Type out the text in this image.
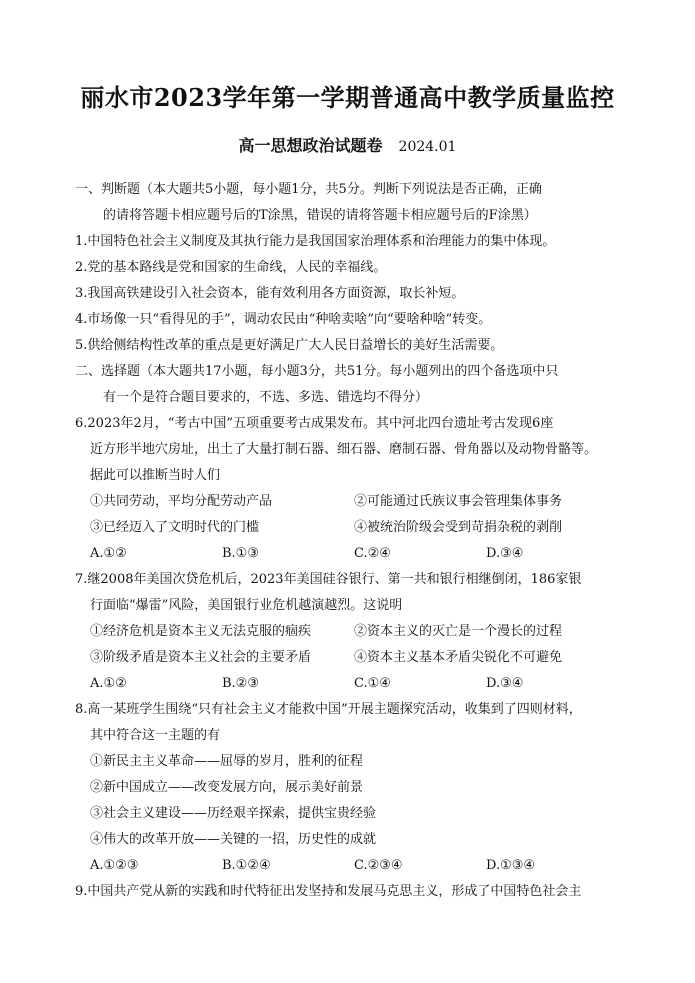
丽水市2023学年第一学期普通高中教学质量监控
高一思想政治试题卷 2024.01
一、判断题（本大题共5小题，每小题1分，共5分。判断下列说法是否正确，正确
的请将答题卡相应题号后的T涂黑，错误的请将答题卡相应题号后的F涂黑）
1.中国特色社会主义制度及其执行能力是我国国家治理体系和治理能力的集中体现。
2.党的基本路线是党和国家的生命线，人民的幸福线。
3.我国高铁建设引入社会资本，能有效利用各方面资源，取长补短。
4.市场像一只“看得见的手”，调动农民由“种啥卖啥”向“要啥种啥”转变。
5.供给侧结构性改革的重点是更好满足广大人民日益增长的美好生活需要。
二、选择题（本大题共17小题，每小题3分，共51分。每小题列出的四个备选项中只
有一个是符合题目要求的，不选、多选、错选均不得分）
6.2023年2月，“考古中国”五项重要考古成果发布。其中河北四台遗址考古发现6座
近方形半地穴房址，出土了大量打制石器、细石器、磨制石器、骨角器以及动物骨骼等。
据此可以推断当时人们
①共同劳动，平均分配劳动产品	②可能通过氏族议事会管理集体事务
③已经迈入了文明时代的门槛	④被统治阶级会受到苛捐杂税的剥削
A.①②	B.①③	C.②④	D.③④
7.继2008年美国次贷危机后，2023年美国硅谷银行、第一共和银行相继倒闭，186家银
行面临“爆雷”风险，美国银行业危机越演越烈。这说明
①经济危机是资本主义无法克服的痼疾	②资本主义的灭亡是一个漫长的过程
③阶级矛盾是资本主义社会的主要矛盾	④资本主义基本矛盾尖锐化不可避免
A.①②	B.②③	C.①④	D.③④
8.高一某班学生围绕“只有社会主义才能救中国”开展主题探究活动，收集到了四则材料，
其中符合这一主题的有
①新民主主义革命——屈辱的岁月，胜利的征程
②新中国成立——改变发展方向，展示美好前景
③社会主义建设——历经艰辛探索，提供宝贵经验
④伟大的改革开放——关键的一招，历史性的成就
A.①②③	B.①②④	C.②③④	D.①③④
9.中国共产党从新的实践和时代特征出发坚持和发展马克思主义，形成了中国特色社会主
